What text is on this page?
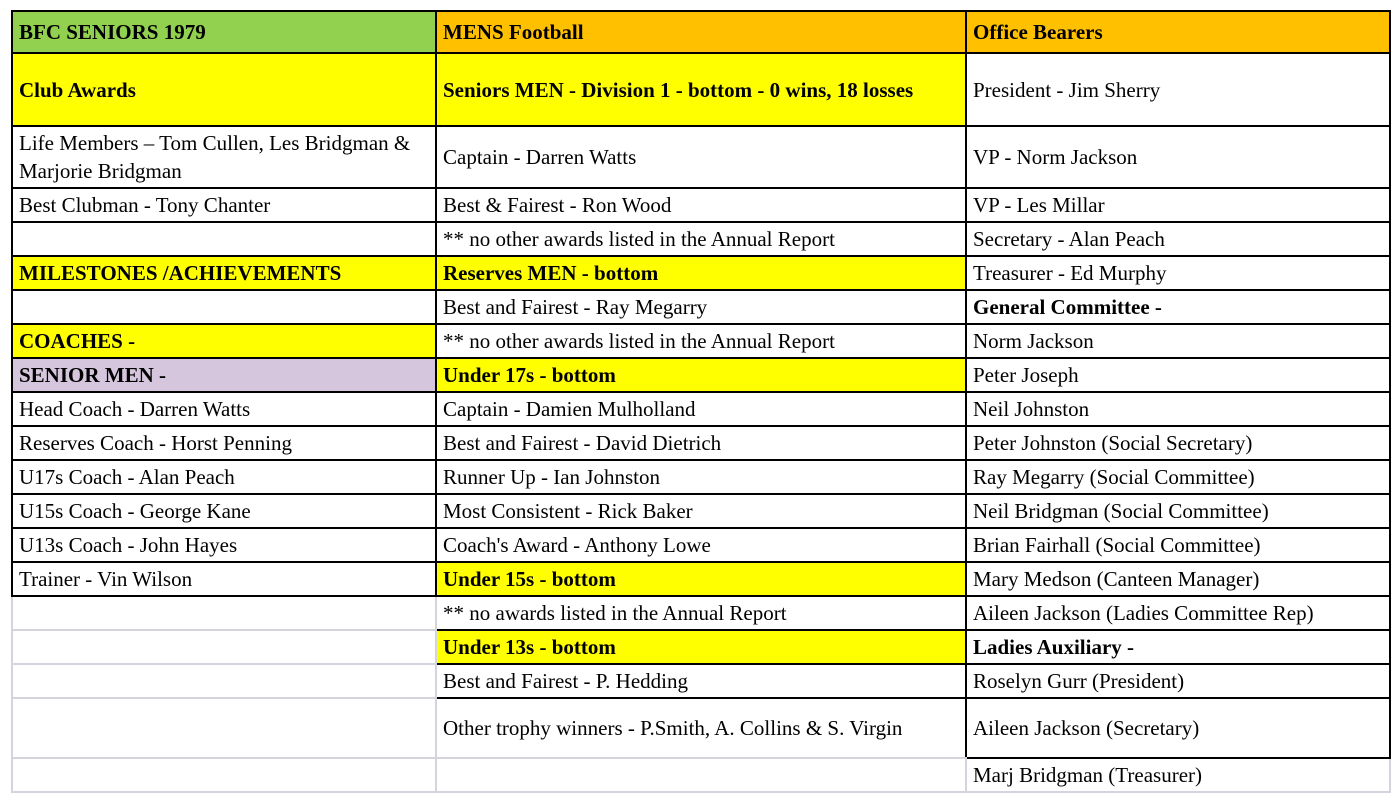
BFC SENIORS 1979	MENS Football	Office Bearers
Club Awards	Seniors MEN - Division 1 - bottom - 0 wins, 18 losses	President - Jim Sherry
Life Members – Tom Cullen, Les Bridgman & Marjorie Bridgman	Captain - Darren Watts	VP - Norm Jackson
Best Clubman - Tony Chanter	Best & Fairest - Ron Wood	VP - Les Millar
	** no other awards listed in the Annual Report	Secretary - Alan Peach
MILESTONES /ACHIEVEMENTS	Reserves MEN - bottom	Treasurer - Ed Murphy
	Best and Fairest - Ray Megarry	General Committee -
COACHES -	** no other awards listed in the Annual Report	Norm Jackson
SENIOR MEN -	Under 17s - bottom	Peter Joseph
Head Coach - Darren Watts	Captain - Damien Mulholland	Neil Johnston
Reserves Coach - Horst Penning	Best and Fairest - David Dietrich	Peter Johnston (Social Secretary)
U17s Coach - Alan Peach	Runner Up - Ian Johnston	Ray Megarry (Social Committee)
U15s Coach - George Kane	Most Consistent - Rick Baker	Neil Bridgman (Social Committee)
U13s Coach - John Hayes	Coach's Award - Anthony Lowe	Brian Fairhall (Social Committee)
Trainer - Vin Wilson	Under 15s - bottom	Mary Medson (Canteen Manager)
	** no awards listed in the Annual Report	Aileen Jackson (Ladies Committee Rep)
	Under 13s - bottom	Ladies Auxiliary -
	Best and Fairest - P. Hedding	Roselyn Gurr (President)
	Other trophy winners - P.Smith, A. Collins & S. Virgin	Aileen Jackson (Secretary)
		Marj Bridgman (Treasurer)
